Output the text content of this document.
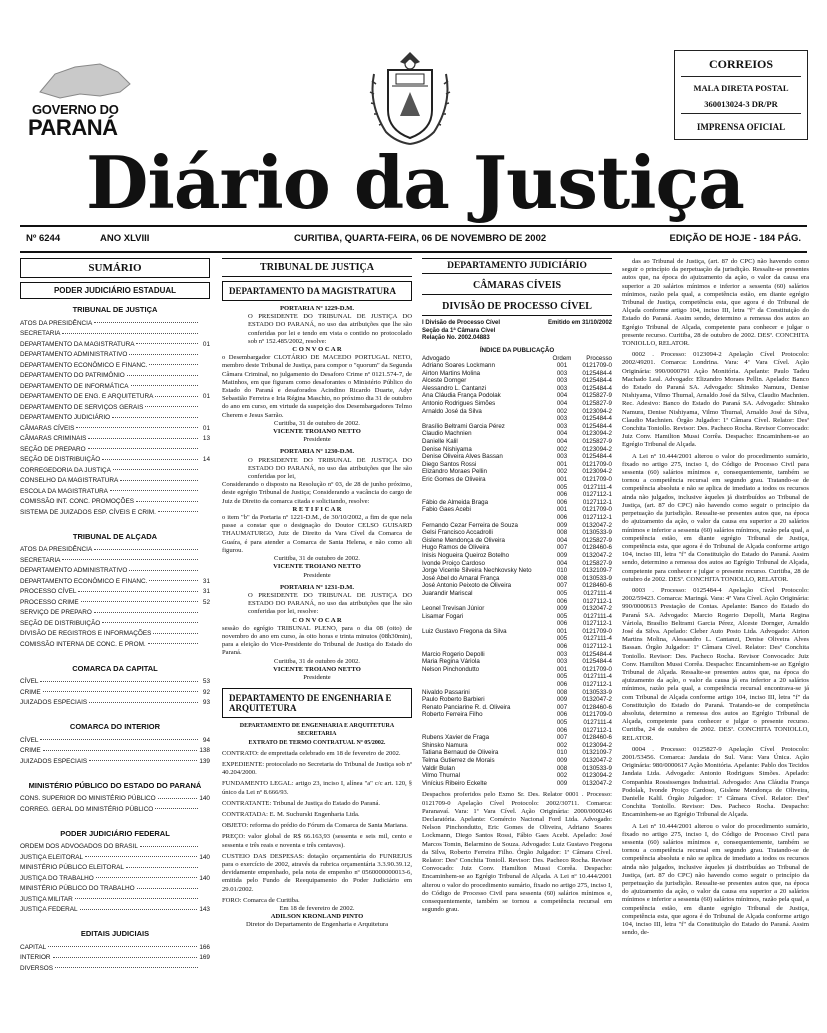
GOVERNO DO
PARANÁ
CORREIOS
MALA DIRETA POSTAL
360013024-3 DR/PR
IMPRENSA OFICIAL
Diário da Justiça
Nº 6244	ANO XLVIII	CURITIBA, QUARTA-FEIRA, 06 DE NOVEMBRO DE 2002	EDIÇÃO DE HOJE - 184 PÁG.
SUMÁRIO
PODER JUDICIÁRIO ESTADUAL
TRIBUNAL DE JUSTIÇA
ATOS DA PRESIDÊNCIA
SECRETARIA
DEPARTAMENTO DA MAGISTRATURA	01
DEPARTAMENTO ADMINISTRATIVO
DEPARTAMENTO ECONÔMICO E FINANC.
DEPARTAMENTO DO PATRIMÔNIO
DEPARTAMENTO DE INFORMÁTICA
DEPARTAMENTO DE ENG. E ARQUITETURA	01
DEPARTAMENTO DE SERVIÇOS GERAIS
DEPARTAMENTO JUDICIÁRIO
CÂMARAS CÍVEIS	01
CÂMARAS CRIMINAIS	13
SEÇÃO DE PREPARO
SEÇÃO DE DISTRIBUIÇÃO	14
CORREGEDORIA DA JUSTIÇA
CONSELHO DA MAGISTRATURA
ESCOLA DA MAGISTRATURA
COMISSÃO INT. CONC. PROMOÇÕES
SISTEMA DE JUIZADOS ESP. CÍVEIS E CRIM.
TRIBUNAL DE ALÇADA
ATOS DA PRESIDÊNCIA
SECRETARIA
DEPARTAMENTO ADMINISTRATIVO
DEPARTAMENTO ECONÔMICO E FINANC.	31
PROCESSO CÍVEL	31
PROCESSO CRIME	52
SERVIÇO DE PREPARO
SEÇÃO DE DISTRIBUIÇÃO
DIVISÃO DE REGISTROS E INFORMAÇÕES
COMISSÃO INTERNA DE CONC. E PROM.
COMARCA DA CAPITAL
CÍVEL	53
CRIME	92
JUIZADOS ESPECIAIS	93
COMARCA DO INTERIOR
CÍVEL	94
CRIME	138
JUIZADOS ESPECIAIS	139
MINISTÉRIO PÚBLICO DO ESTADO DO PARANÁ
CONS. SUPERIOR DO MINISTÉRIO PÚBLICO	140
CORREG. GERAL DO MINISTÉRIO PÚBLICO
PODER JUDICIÁRIO FEDERAL
ORDEM DOS ADVOGADOS DO BRASIL
JUSTIÇA ELEITORAL	140
MINISTÉRIO PÚBLICO ELEITORAL
JUSTIÇA DO TRABALHO	140
MINISTÉRIO PÚBLICO DO TRABALHO
JUSTIÇA MILITAR
JUSTIÇA FEDERAL	143
EDITAIS JUDICIAIS
CAPITAL	166
INTERIOR	169
DIVERSOS
TRIBUNAL DE JUSTIÇA
DEPARTAMENTO DA MAGISTRATURA
PORTARIA Nº 1229-D.M.
O PRESIDENTE DO TRIBUNAL DE JUSTIÇA DO ESTADO DO PARANÁ, no uso das atribuições que lhe são conferidas por lei e tendo em vista o contido no protocolado sob nº 152.485/2002, resolve:
C O N V O C A R
o Desembargador CLOTÁRIO DE MACEDO PORTUGAL NETO, membro deste Tribunal de Justiça, para compor o "quorum" da Segunda Câmara Criminal, no julgamento do Desaforo Crime nº 0121.574-7, de Matinhos, em que figuram como desaforantes o Ministério Público do Estado do Paraná e desaforados Acindino Ricardo Duarte, Adyr Sebastião Ferreira e Iria Régina Maschio, no próximo dia 31 de outubro do ano em curso, em virtude da suspeição dos Desembargadores Telmo Cherem e Jesus Sarrão.
Curitiba, 31 de outubro de 2002.
VICENTE TROIANO NETTO
Presidente
PORTARIA Nº 1230-D.M.
O PRESIDENTE DO TRIBUNAL DE JUSTIÇA DO ESTADO DO PARANÁ, no uso das atribuições que lhe são conferidas por lei,
Considerando o disposto na Resolução nº 03, de 28 de junho próximo, deste egrégio Tribunal de Justiça; Considerando a vacância do cargo de Juiz de Direito da comarca citada e solicitando, resolve:
R E T I F I C A R
o item "b" da Portaria nº 1221-D.M., de 30/10/2002, a fim de que nela passe a constar que o designação do Doutor CELSO GUISARD THAUMATURGO, Juiz de Direito da Vara Cível da Comarca de Guaíra, é para atender a Comarca de Santa Helena, e não como ali figurou.
Curitiba, 31 de outubro de 2002.
VICENTE TROIANO NETTO
Presidente
PORTARIA Nº 1231-D.M.
O PRESIDENTE DO TRIBUNAL DE JUSTIÇA DO ESTADO DO PARANÁ, no uso das atribuições que lhe são conferidas por lei, resolve:
C O N V O C A R
sessão do egrégio TRIBUNAL PLENO, para o dia 08 (oito) de novembro do ano em curso, às oito horas e trinta minutos (08h30min), para a eleição do Vice-Presidente do Tribunal de Justiça do Estado do Paraná.
Curitiba, 31 de outubro de 2002.
VICENTE TROIANO NETTO
Presidente
DEPARTAMENTO DE ENGENHARIA E ARQUITETURA
DEPARTAMENTO DE ENGENHARIA E ARQUITETURA
SECRETARIA
EXTRATO DE TERMO CONTRATUAL Nº 05/2002.
CONTRATO: de empreitada celebrado em 18 de fevereiro de 2002.
EXPEDIENTE: protocolado no Secretaria do Tribunal de Justiça sob nº 40.204/2000.
FUNDAMENTO LEGAL: artigo 23, inciso I, alínea "a" c/c art. 120, § único da Lei nº 8.666/93.
CONTRATANTE: Tribunal de Justiça do Estado do Paraná.
CONTRATADA: E. M. Suchurski Engenharia Ltda.
OBJETO: reforma do prédio do Fórum da Comarca de Santa Mariana.
PREÇO: valor global de R$ 66.163,93 (sessenta e seis mil, cento e sessenta e três reais e noventa e três centavos).
CUSTEIO DAS DESPESAS: dotação orçamentária do FUNREJUS para o exercício de 2002, através da rubrica orçamentária 3.3.90.39.12, devidamente empenhado, pela nota de empenho nº 0560000000013-6, emitida pelo Fundo de Reequipamento do Poder Judiciário em 29.01/2002.
FORO: Comarca de Curitiba.
Em 18 de fevereiro de 2002.
ADILSON KRONLAND PINTO
Diretor do Departamento de Engenharia e Arquitetura
DEPARTAMENTO JUDICIÁRIO
CÂMARAS CÍVEIS
DIVISÃO DE PROCESSO CÍVEL
I Divisão de Processo Cível	Emitido em 31/10/2002
Seção da 1ª Câmara Cível
Relação No. 2002.04883
ÍNDICE DA PUBLICAÇÃO
Advogado	Ordem	Processo
Adriano Soares Lockmann	001	0121709-0
Airton Martins Molina	003	0125484-4
Alceste Dornger	003	0125484-4
Alessandro L. Cantanzi	003	0125484-4
Ana Cláudia França Podolak	004	0125827-9
Antonio Rodrigues Simões	004	0125827-9
Arnaldo José da Silva	002	0123094-2
	003	0125484-4
Brasílio Beltrami Garcia Pérez	003	0125484-4
Claudio Machnien	004	0123094-2
Danielle Kalil	004	0125827-9
Denise Nishiyama	002	0123094-2
Denise Oliveira Alves Bassan	003	0125484-4
Diego Santos Rossi	001	0121709-0
Elizandro Moraes Pellin	002	0123094-2
Eric Gomes de Oliveira	001	0121709-0
	005	0127111-4
	006	0127112-1
Fábio de Almeida Braga	006	0127112-1
Fabio Gaes Acebi	001	0121709-0
	006	0127112-1
Fernando Cezar Ferreira de Souza	009	0132047-2
Gelsi Francisco Accadrolli	008	0130533-9
Gislene Mendonça de Oliveira	004	0125827-9
Hugo Ramos de Oliveira	007	0128460-6
Inisis Nogueira Queiroz Botelho	009	0132047-2
Ivonde Proiço Cardoso	004	0125827-9
Jorge Vicente Silveira Nechkovsky Neto	010	0132109-7
José Abel do Amaral França	008	0130533-9
José Antonio Peixoto de Oliveira	007	0128460-6
Juarandir Mariscal	005	0127111-4
	006	0127112-1
Leonel Trevisan Júnior	009	0132047-2
Lisamar Fogari	005	0127111-4
	006	0127112-1
Luiz Gustavo Fregona da Silva	001	0121709-0
	005	0127111-4
	006	0127112-1
Marcio Rogerio Depolli	003	0125484-4
Maria Regina Váriola	003	0125484-4
Nelson Pinchondutto	001	0121709-0
	005	0127111-4
	006	0127112-1
Nivaldo Passarini	008	0130533-9
Paulo Roberto Barbieri	009	0132047-2
Renato Panciarine R. d. Oliveira	007	0128460-6
Roberto Ferreira Filho	006	0121709-0
	005	0127111-4
	006	0127112-1
Rubens Xavier de Fraga	007	0128460-6
Shinsko Namura	002	0123094-2
Tatiana Bernaud de Oliveira	010	0132109-7
Telma Gutierrez de Morais	009	0132047-2
Valdir Bulan	008	0130533-9
Vilmo Thurnal	002	0123094-2
Vinícius Ribeiro Eckelte	009	0132047-2
Despachos proferidos pelo Exmo Sr. Des. Relator 0001 . Processo: 0121709-0 Apelação Cível Protocolo: 2002/30711. Comarca: Paranavaí. Vara: 1ª Vara Cível. Ação Originária: 2000/0000246 Declaratória. Apelante: Comércio Nacional Ford Ltda. Advogado: Nelson Pinchondutto, Eric Gomes de Oliveira, Adriano Soares Lockmann, Diego Santos Rossi, Fábio Gaes Acebi. Apelado: José Marcos Tomin, Belarmino de Souza. Advogado: Luiz Gustavo Fregona da Silva, Roberto Ferreira Filho. Órgão Julgador: 1ª Câmara Cível. Relator: Desª Conchita Tonioll. Revisor: Des. Pacheco Rocha. Revisor Convocado: Juiz Conv. Hamilton Mussi Corrêa. Despacho: Encaminhem-se ao Egrégio Tribunal de Alçada. A Lei nº 10.444/2001 alterou o valor do procedimento sumário, fixado no artigo 275, inciso I, do Código de Processo Civil para sessenta (60) salários mínimos e, consequentemente, também se tornou a competência recursal em segundo grau.
das ao Tribunal de Justiça, (art. 87 do CPC) não havendo como seguir o princípio da perpetuação da jurisdição. Ressalte-se presentes autos que, na época do ajuizamento da ação, o valor da causa era superior a 20 salários mínimos e inferior a sessenta (60) salários mínimos, razão pela qual, a competência estão, em diante egrégio Tribunal de Justiça, competência esta, que agora é do Tribunal de Alçada conforme artigo 104, inciso III, letra "f" da Constituição do Estado do Paraná. Assim sendo, determino a remessa dos autos ao Egrégio Tribunal de Alçada, competente para conhecer e julgar o presente recurso. Curitiba, 28 de outubro de 2002. DESª. CONCHITA TONIOLLO, RELATOR.
0002 . Processo: 0123094-2 Apelação Cível Protocolo: 2002/49201. Comarca: Londrina. Vara: 4ª Vara Cível. Ação Originária: 990/0000791 Ação Monitória. Apelante: Paulo Tadeu Machado Leal. Advogado: Elizandro Moraes Pellin. Apelado: Banco do Estado do Paraná SA. Advogado: Shinsko Namura, Denise Nishiyama, Vilmo Thurnal, Arnaldo José da Silva, Claudio Machnien. Rec. Adesivo: Banco do Estado do Paraná SA. Advogado: Shinsko Namura, Denise Nishiyama, Vilmo Thurnal, Arnaldo José da Silva, Claudio Machnien. Órgão Julgador: 1ª Câmara Cível. Relator: Desª Conchita Toniollo. Revisor: Des. Pacheco Rocha. Revisor Convocado: Juiz Conv. Hamilton Mussi Corrêa. Despacho: Encaminhem-se ao Egrégio Tribunal de Alçada.
A Lei nº 10.444/2001 alterou o valor do procedimento sumário, fixado no artigo 275, inciso I, do Código de Processo Civil para sessenta (60) salários mínimos e, consequentemente, também se tornou a competência recursal em segundo grau. Tratando-se de competência absoluta e não se aplica de imediato a todos os recursos ainda não julgados, inclusive àqueles já distribuídos ao Tribunal de Justiça, (art. 87 do CPC) não havendo como seguir o princípio da perpetuação da jurisdição. Ressalte-se presentes autos que, na época do ajuizamento da ação, o valor da causa era superior a 20 salários mínimos e inferior a sessenta (60) salários mínimos, razão pela qual, a competência estão, em diante egrégio Tribunal de Justiça, competência esta, que agora é do Tribunal de Alçada conforme artigo 104, inciso III, letra "f" da Constituição do Estado do Paraná. Assim sendo, determino a remessa dos autos ao Egrégio Tribunal de Alçada, competente para conhecer e julgar o presente recurso. Curitiba, 28 de outubro de 2002. DESª. CONCHITA TONIOLLO, RELATOR.
0003 . Processo: 0125484-4 Apelação Cível Protocolo: 2002/59423. Comarca: Maringá. Vara: 4ª Vara Cível. Ação Originária: 990/0000613 Prestação de Contas. Apelante: Banco do Estado do Paraná SA. Advogado: Marcio Rogerio Depolli, Maria Regina Váriola, Brasílio Beltrami Garcia Pérez, Alceste Dornger, Arnaldo José da Silva. Apelado: Cleber Auto Posto Ltda. Advogado: Airton Martins Molina, Alessandro L. Cantanzi, Denise Oliveira Alves Bassan. Órgão Julgador: 1ª Câmara Cível. Relator: Desª Conchita Toniollo. Revisor: Des. Pacheco Rocha. Revisor Convocado: Juiz Conv. Hamilton Mussi Corrêa. Despacho: Encaminhem-se ao Egrégio Tribunal de Alçada. Ressalte-se presentes autos que, na época do ajuizamento da ação, o valor da causa já era inferior a 20 salários mínimos, razão pela qual, a competência recursal encontrava-se já com Tribunal de Alçada conforme artigo 104, inciso III, letra "f" da Constituição do Estado do Paraná. Tratando-se de competência absoluta, determino a remessa dos autos ao Egrégio Tribunal de Alçada, competente para conhecer e julgar o presente recurso. Curitiba, 24 de outubro de 2002. DESª. CONCHITA TONIOLLO, RELATOR.
0004 . Processo: 0125827-9 Apelação Cível Protocolo: 2001/53456. Comarca: Jandaia do Sul. Vara: Vara Única. Ação Originária: 980/0000617 Ação Monitória. Apelante: Pablo dos Tecidos Jandaia Ltda. Advogado: Antonio Rodrigues Simões. Apelado: Companhia Rossissenges Industrial. Advogado: Ana Cláudia França Podolak, Ivonde Proiço Cardoso, Gislene Mendonça de Oliveira, Danielle Kalil. Órgão Julgador: 1ª Câmara Cível. Relator: Desª Conchita Toniollo. Revisor: Des. Pacheco Rocha. Despacho: Encaminhem-se ao Egrégio Tribunal de Alçada.
A Lei nº 10.444/2001 alterou o valor do procedimento sumário, fixado no artigo 275, inciso I, do Código de Processo Civil para sessenta (60) salários mínimos e, consequentemente, também se tornou a competência recursal em segundo grau. Tratando-se de competência absoluta e não se aplica de imediato a todos os recursos ainda não julgados, inclusive àqueles já distribuídas ao Tribunal de Justiça, (art. 87 do CPC) não havendo como seguir o princípio da perpetuação da jurisdição. Ressalte-se presentes autos que, na época do ajuizamento da ação, o valor da causa era superior a 20 salários mínimos e inferior a sessenta (60) salários mínimos, razão pela qual, a competência estão, em diante egrégio Tribunal de Justiça, competência esta, que agora é do Tribunal de Alçada conforme artigo 104, inciso III, letra "f" da Constituição do Estado do Paraná. Assim sendo, de-
